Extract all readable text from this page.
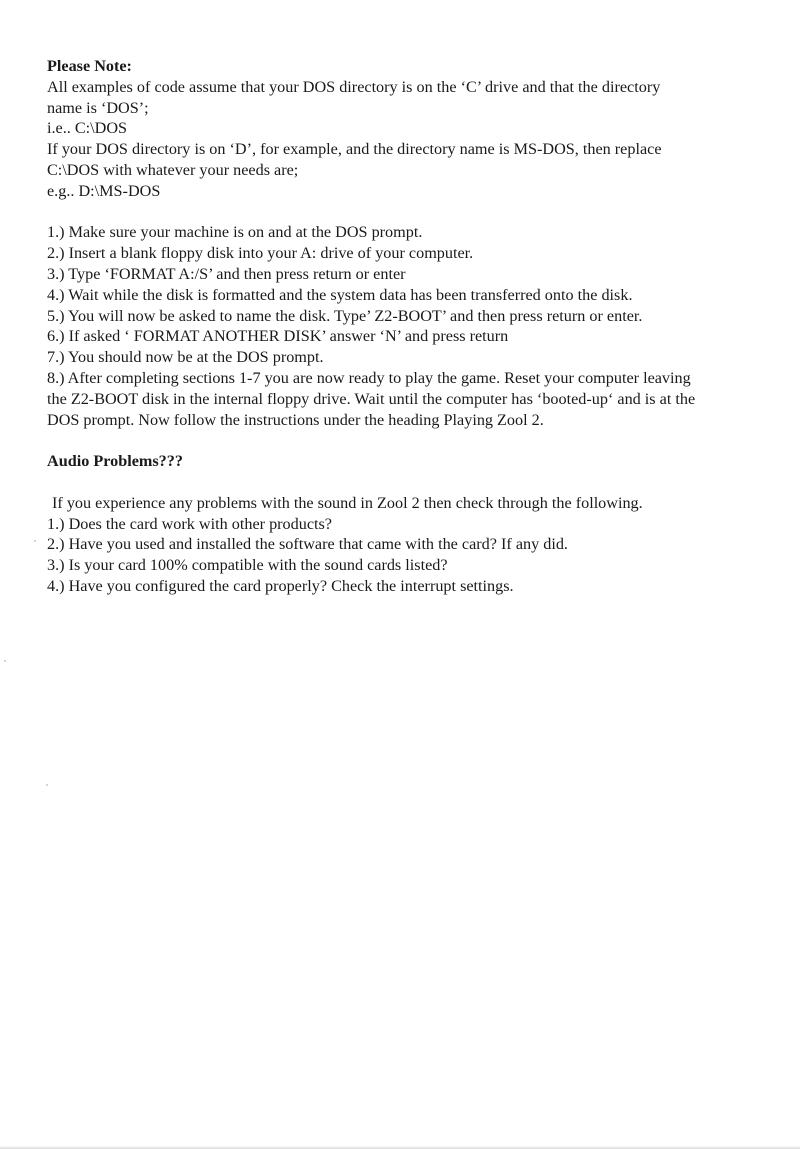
Please Note:
All examples of code assume that your DOS directory is on the ‘C’ drive and that the directory
name is ‘DOS’;
i.e.. C:\DOS
If your DOS directory is on ‘D’, for example, and the directory name is MS-DOS, then replace
C:\DOS with whatever your needs are;
e.g.. D:\MS-DOS
1.) Make sure your machine is on and at the DOS prompt.
2.) Insert a blank floppy disk into your A: drive of your computer.
3.) Type ‘FORMAT A:/S’ and then press return or enter
4.) Wait while the disk is formatted and the system data has been transferred onto the disk.
5.) You will now be asked to name the disk. Type’ Z2-BOOT’ and then press return or enter.
6.) If asked ‘ FORMAT ANOTHER DISK’ answer ‘N’ and press return
7.) You should now be at the DOS prompt.
8.) After completing sections 1-7 you are now ready to play the game. Reset your computer leaving
the Z2-BOOT disk in the internal floppy drive. Wait until the computer has ‘booted-up‘ and is at the
DOS prompt. Now follow the instructions under the heading Playing Zool 2.
Audio Problems???
If you experience any problems with the sound in Zool 2 then check through the following.
1.) Does the card work with other products?
2.) Have you used and installed the software that came with the card? If any did.
3.) Is your card 100% compatible with the sound cards listed?
4.) Have you configured the card properly? Check the interrupt settings.
